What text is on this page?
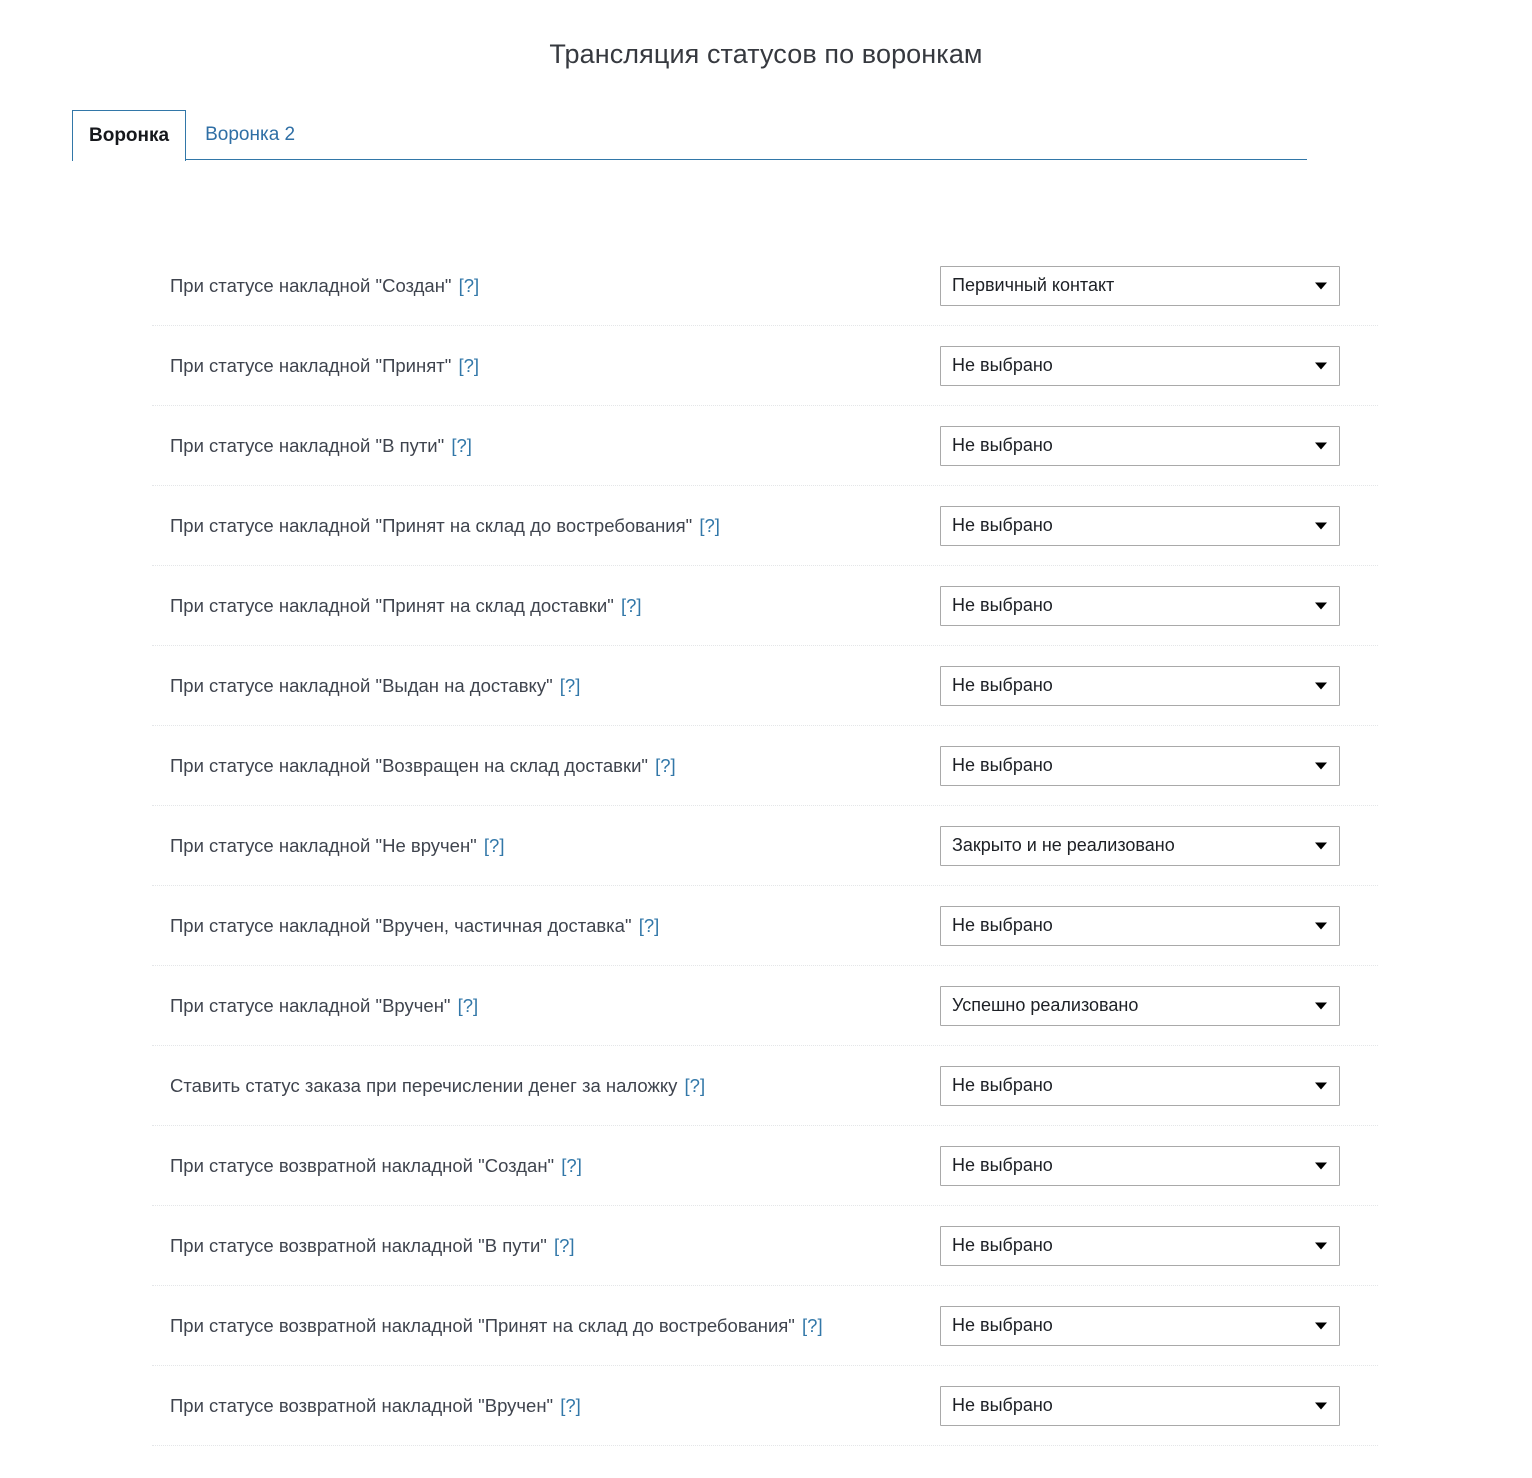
Трансляция статусов по воронкам
Воронка Воронка 2
При статусе накладной "Создан" [?]	Первичный контакт
При статусе накладной "Принят" [?]	Не выбрано
При статусе накладной "В пути" [?]	Не выбрано
При статусе накладной "Принят на склад до востребования" [?]	Не выбрано
При статусе накладной "Принят на склад доставки" [?]	Не выбрано
При статусе накладной "Выдан на доставку" [?]	Не выбрано
При статусе накладной "Возвращен на склад доставки" [?]	Не выбрано
При статусе накладной "Не вручен" [?]	Закрыто и не реализовано
При статусе накладной "Вручен, частичная доставка" [?]	Не выбрано
При статусе накладной "Вручен" [?]	Успешно реализовано
Ставить статус заказа при перечислении денег за наложку [?]	Не выбрано
При статусе возвратной накладной "Создан" [?]	Не выбрано
При статусе возвратной накладной "В пути" [?]	Не выбрано
При статусе возвратной накладной "Принят на склад до востребования" [?]	Не выбрано
При статусе возвратной накладной "Вручен" [?]	Не выбрано
